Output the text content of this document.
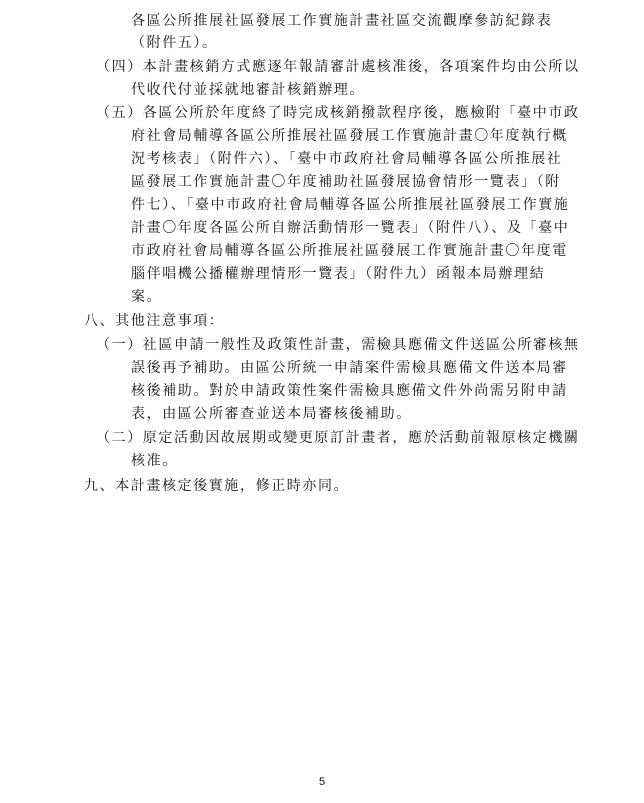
各區公所推展社區發展工作實施計畫社區交流觀摩參訪紀錄表
（附件五）。
（四）本計畫核銷方式應逐年報請審計處核准後，各項案件均由公所以
代收代付並採就地審計核銷辦理。
（五）各區公所於年度終了時完成核銷撥款程序後，應檢附「臺中市政
府社會局輔導各區公所推展社區發展工作實施計畫〇年度執行概
況考核表」（附件六）、「臺中市政府社會局輔導各區公所推展社
區發展工作實施計畫〇年度補助社區發展協會情形一覽表」（附
件七）、「臺中市政府社會局輔導各區公所推展社區發展工作實施
計畫〇年度各區公所自辦活動情形一覽表」（附件八）、及「臺中
市政府社會局輔導各區公所推展社區發展工作實施計畫〇年度電
腦伴唱機公播權辦理情形一覽表」（附件九）函報本局辦理結
案。
八、其他注意事項：
（一）社區申請一般性及政策性計畫，需檢具應備文件送區公所審核無
誤後再予補助。由區公所統一申請案件需檢具應備文件送本局審
核後補助。對於申請政策性案件需檢具應備文件外尚需另附申請
表，由區公所審查並送本局審核後補助。
（二）原定活動因故展期或變更原訂計畫者，應於活動前報原核定機關
核准。
九、本計畫核定後實施，修正時亦同。
5
